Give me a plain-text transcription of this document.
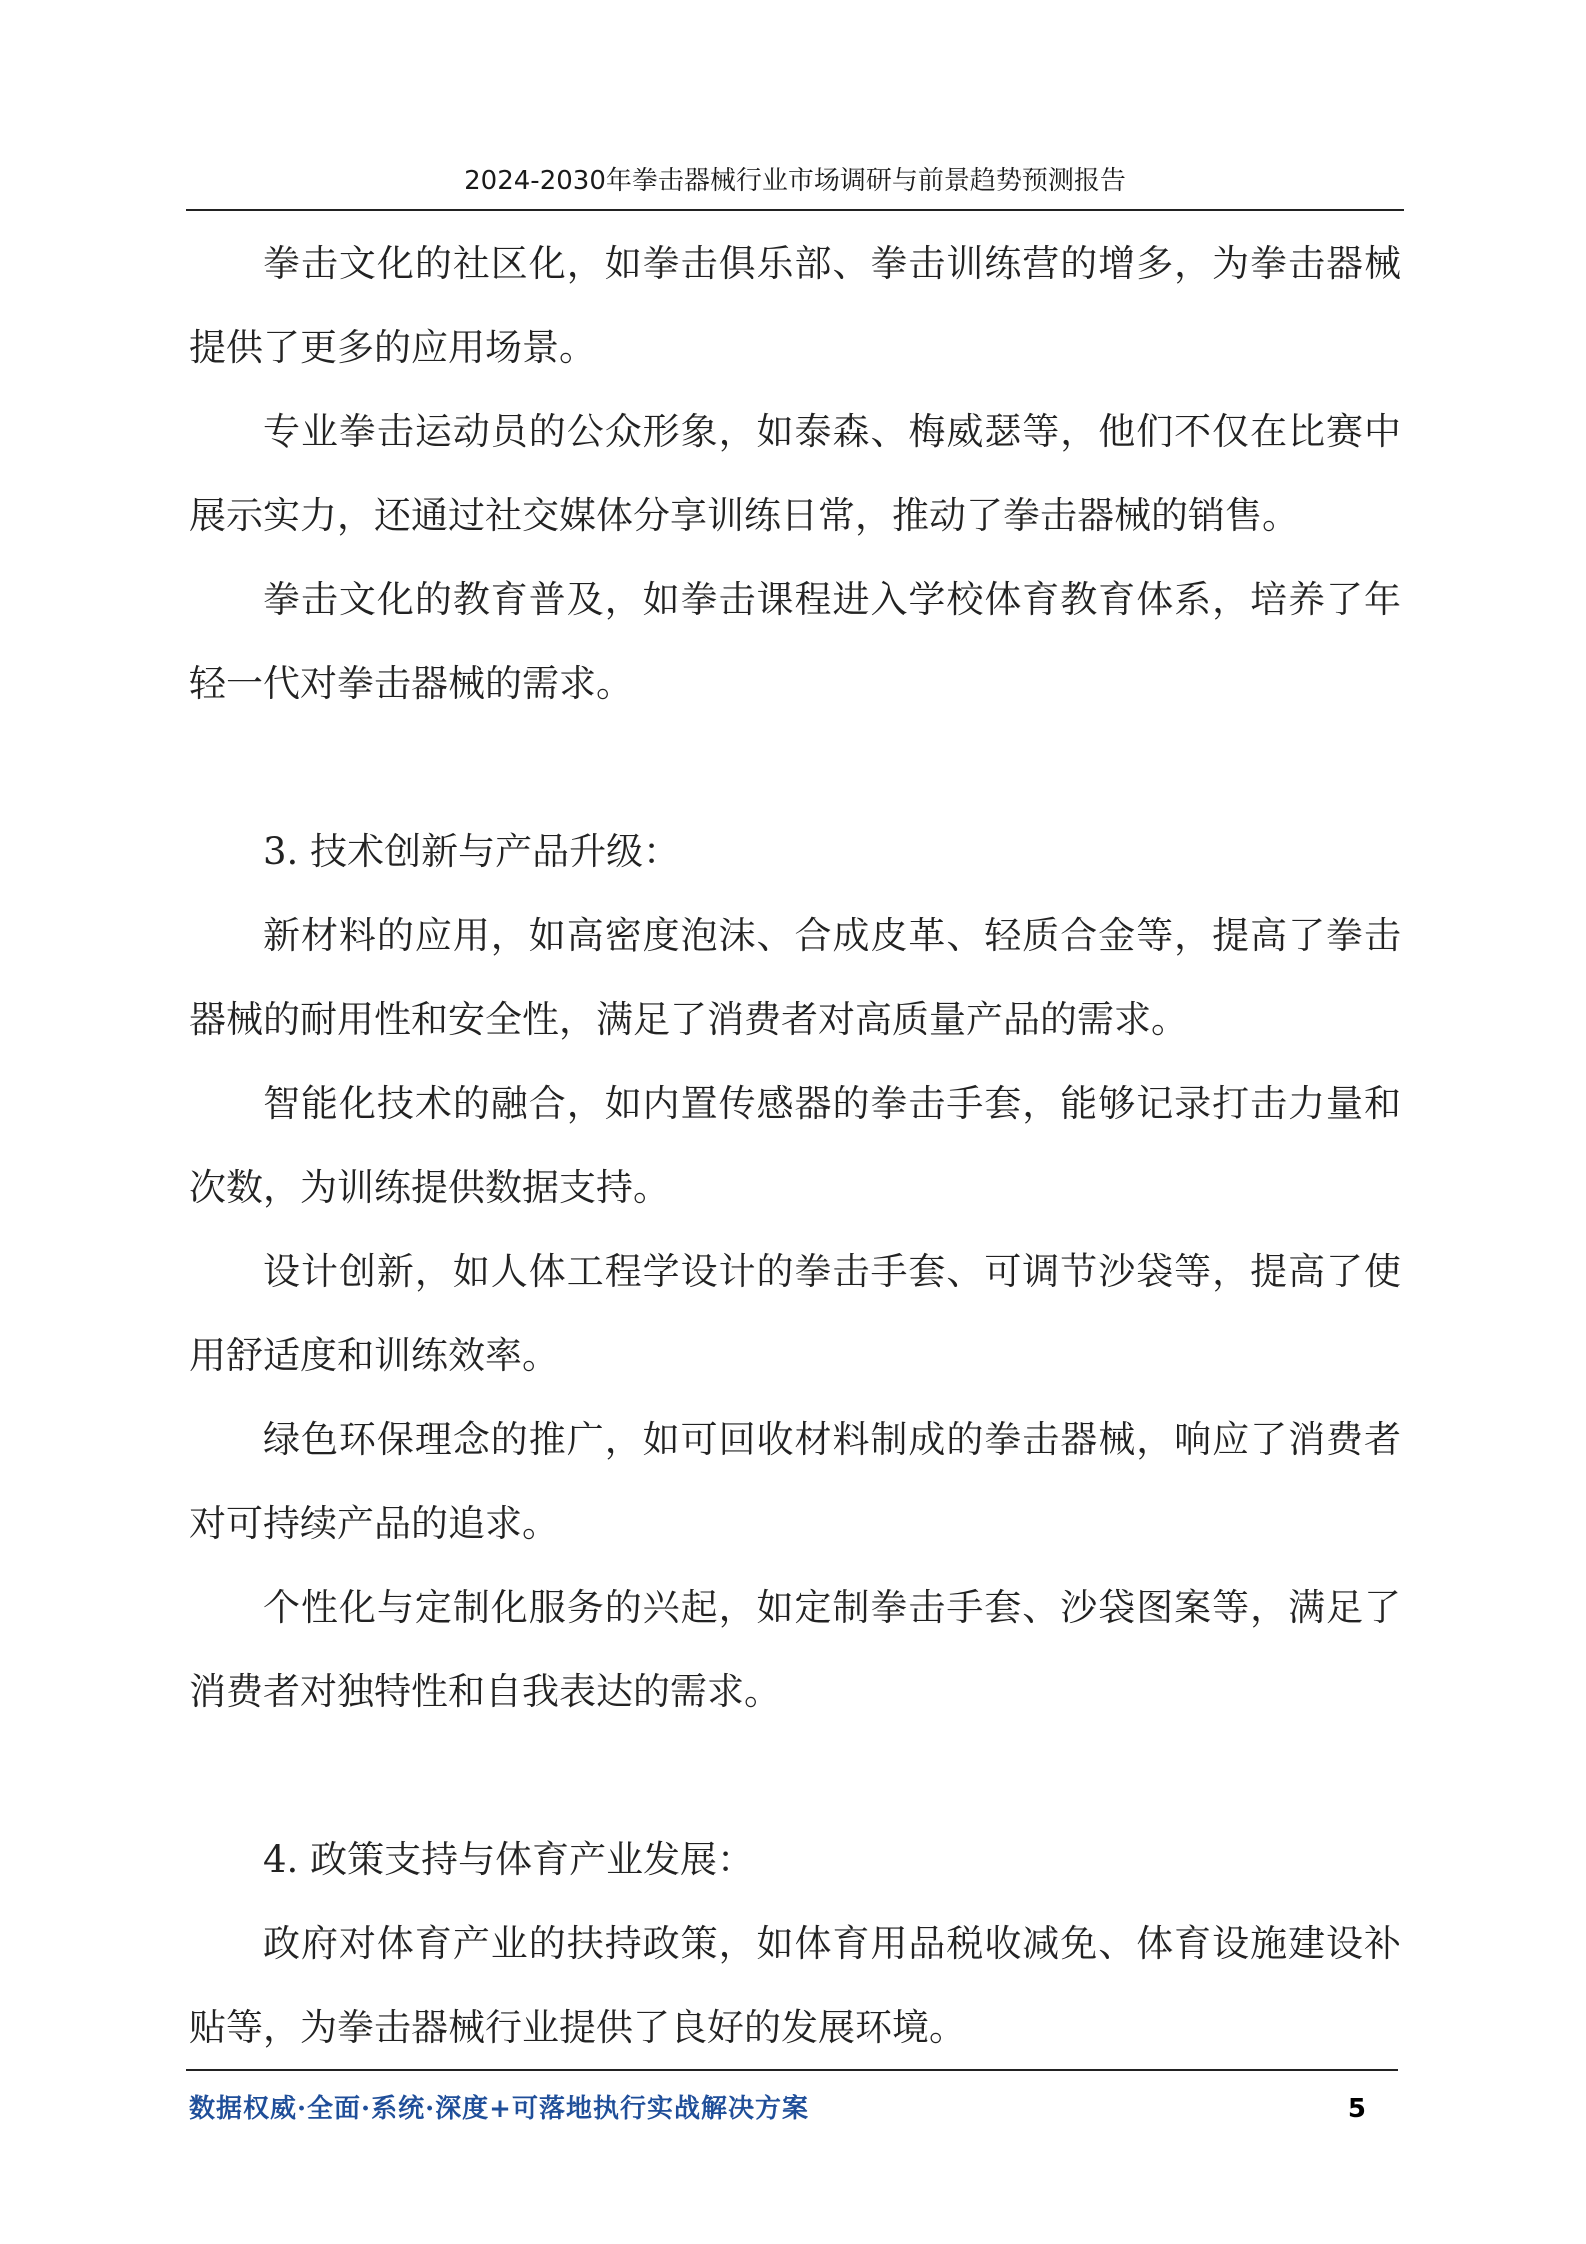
2024-2030年拳击器械行业市场调研与前景趋势预测报告

拳击文化的社区化，如拳击俱乐部、拳击训练营的增多，为拳击器械提供了更多的应用场景。

专业拳击运动员的公众形象，如泰森、梅威瑟等，他们不仅在比赛中展示实力，还通过社交媒体分享训练日常，推动了拳击器械的销售。

拳击文化的教育普及，如拳击课程进入学校体育教育体系，培养了年轻一代对拳击器械的需求。

3. 技术创新与产品升级：

新材料的应用，如高密度泡沫、合成皮革、轻质合金等，提高了拳击器械的耐用性和安全性，满足了消费者对高质量产品的需求。

智能化技术的融合，如内置传感器的拳击手套，能够记录打击力量和次数，为训练提供数据支持。

设计创新，如人体工程学设计的拳击手套、可调节沙袋等，提高了使用舒适度和训练效率。

绿色环保理念的推广，如可回收材料制成的拳击器械，响应了消费者对可持续产品的追求。

个性化与定制化服务的兴起，如定制拳击手套、沙袋图案等，满足了消费者对独特性和自我表达的需求。

4. 政策支持与体育产业发展：

政府对体育产业的扶持政策，如体育用品税收减免、体育设施建设补贴等，为拳击器械行业提供了良好的发展环境。

数据权威·全面·系统·深度+可落地执行实战解决方案	5
